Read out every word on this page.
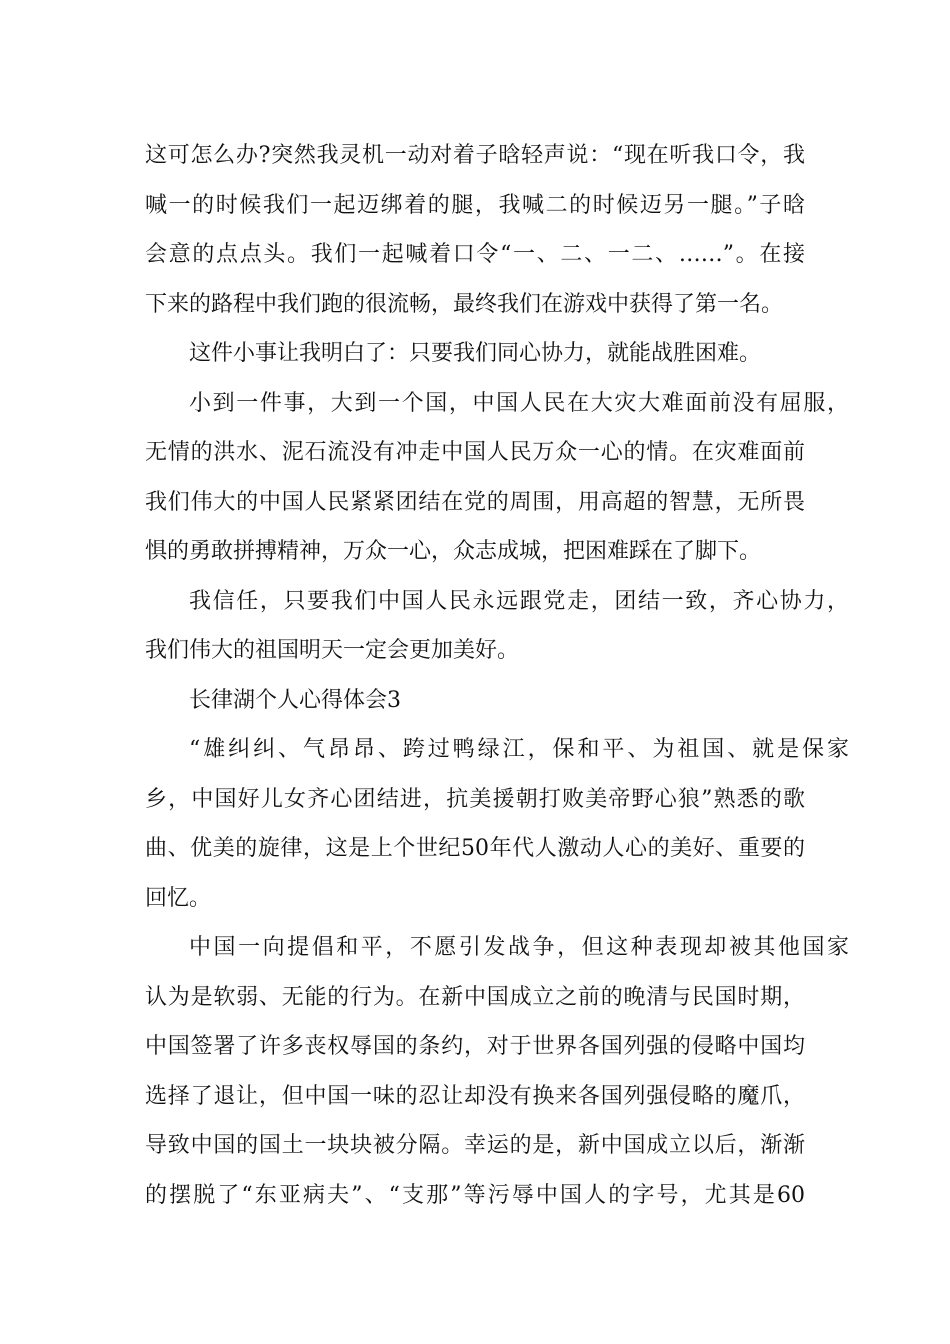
这可怎么办?突然我灵机一动对着子晗轻声说：“现在听我口令，我
喊一的时候我们一起迈绑着的腿，我喊二的时候迈另一腿。”子晗
会意的点点头。我们一起喊着口令“一、二、一二、……”。在接
下来的路程中我们跑的很流畅，最终我们在游戏中获得了第一名。
这件小事让我明白了：只要我们同心协力，就能战胜困难。
小到一件事，大到一个国，中国人民在大灾大难面前没有屈服，
无情的洪水、泥石流没有冲走中国人民万众一心的情。在灾难面前
我们伟大的中国人民紧紧团结在党的周围，用高超的智慧，无所畏
惧的勇敢拼搏精神，万众一心，众志成城，把困难踩在了脚下。
我信任，只要我们中国人民永远跟党走，团结一致，齐心协力，
我们伟大的祖国明天一定会更加美好。
长律湖个人心得体会3
“雄纠纠、气昂昂、跨过鸭绿江，保和平、为祖国、就是保家
乡，中国好儿女齐心团结进，抗美援朝打败美帝野心狼”熟悉的歌
曲、优美的旋律，这是上个世纪50年代人激动人心的美好、重要的
回忆。
中国一向提倡和平，不愿引发战争，但这种表现却被其他国家
认为是软弱、无能的行为。在新中国成立之前的晚清与民国时期，
中国签署了许多丧权辱国的条约，对于世界各国列强的侵略中国均
选择了退让，但中国一味的忍让却没有换来各国列强侵略的魔爪，
导致中国的国土一块块被分隔。幸运的是，新中国成立以后，渐渐
的摆脱了“东亚病夫”、“支那”等污辱中国人的字号，尤其是60
